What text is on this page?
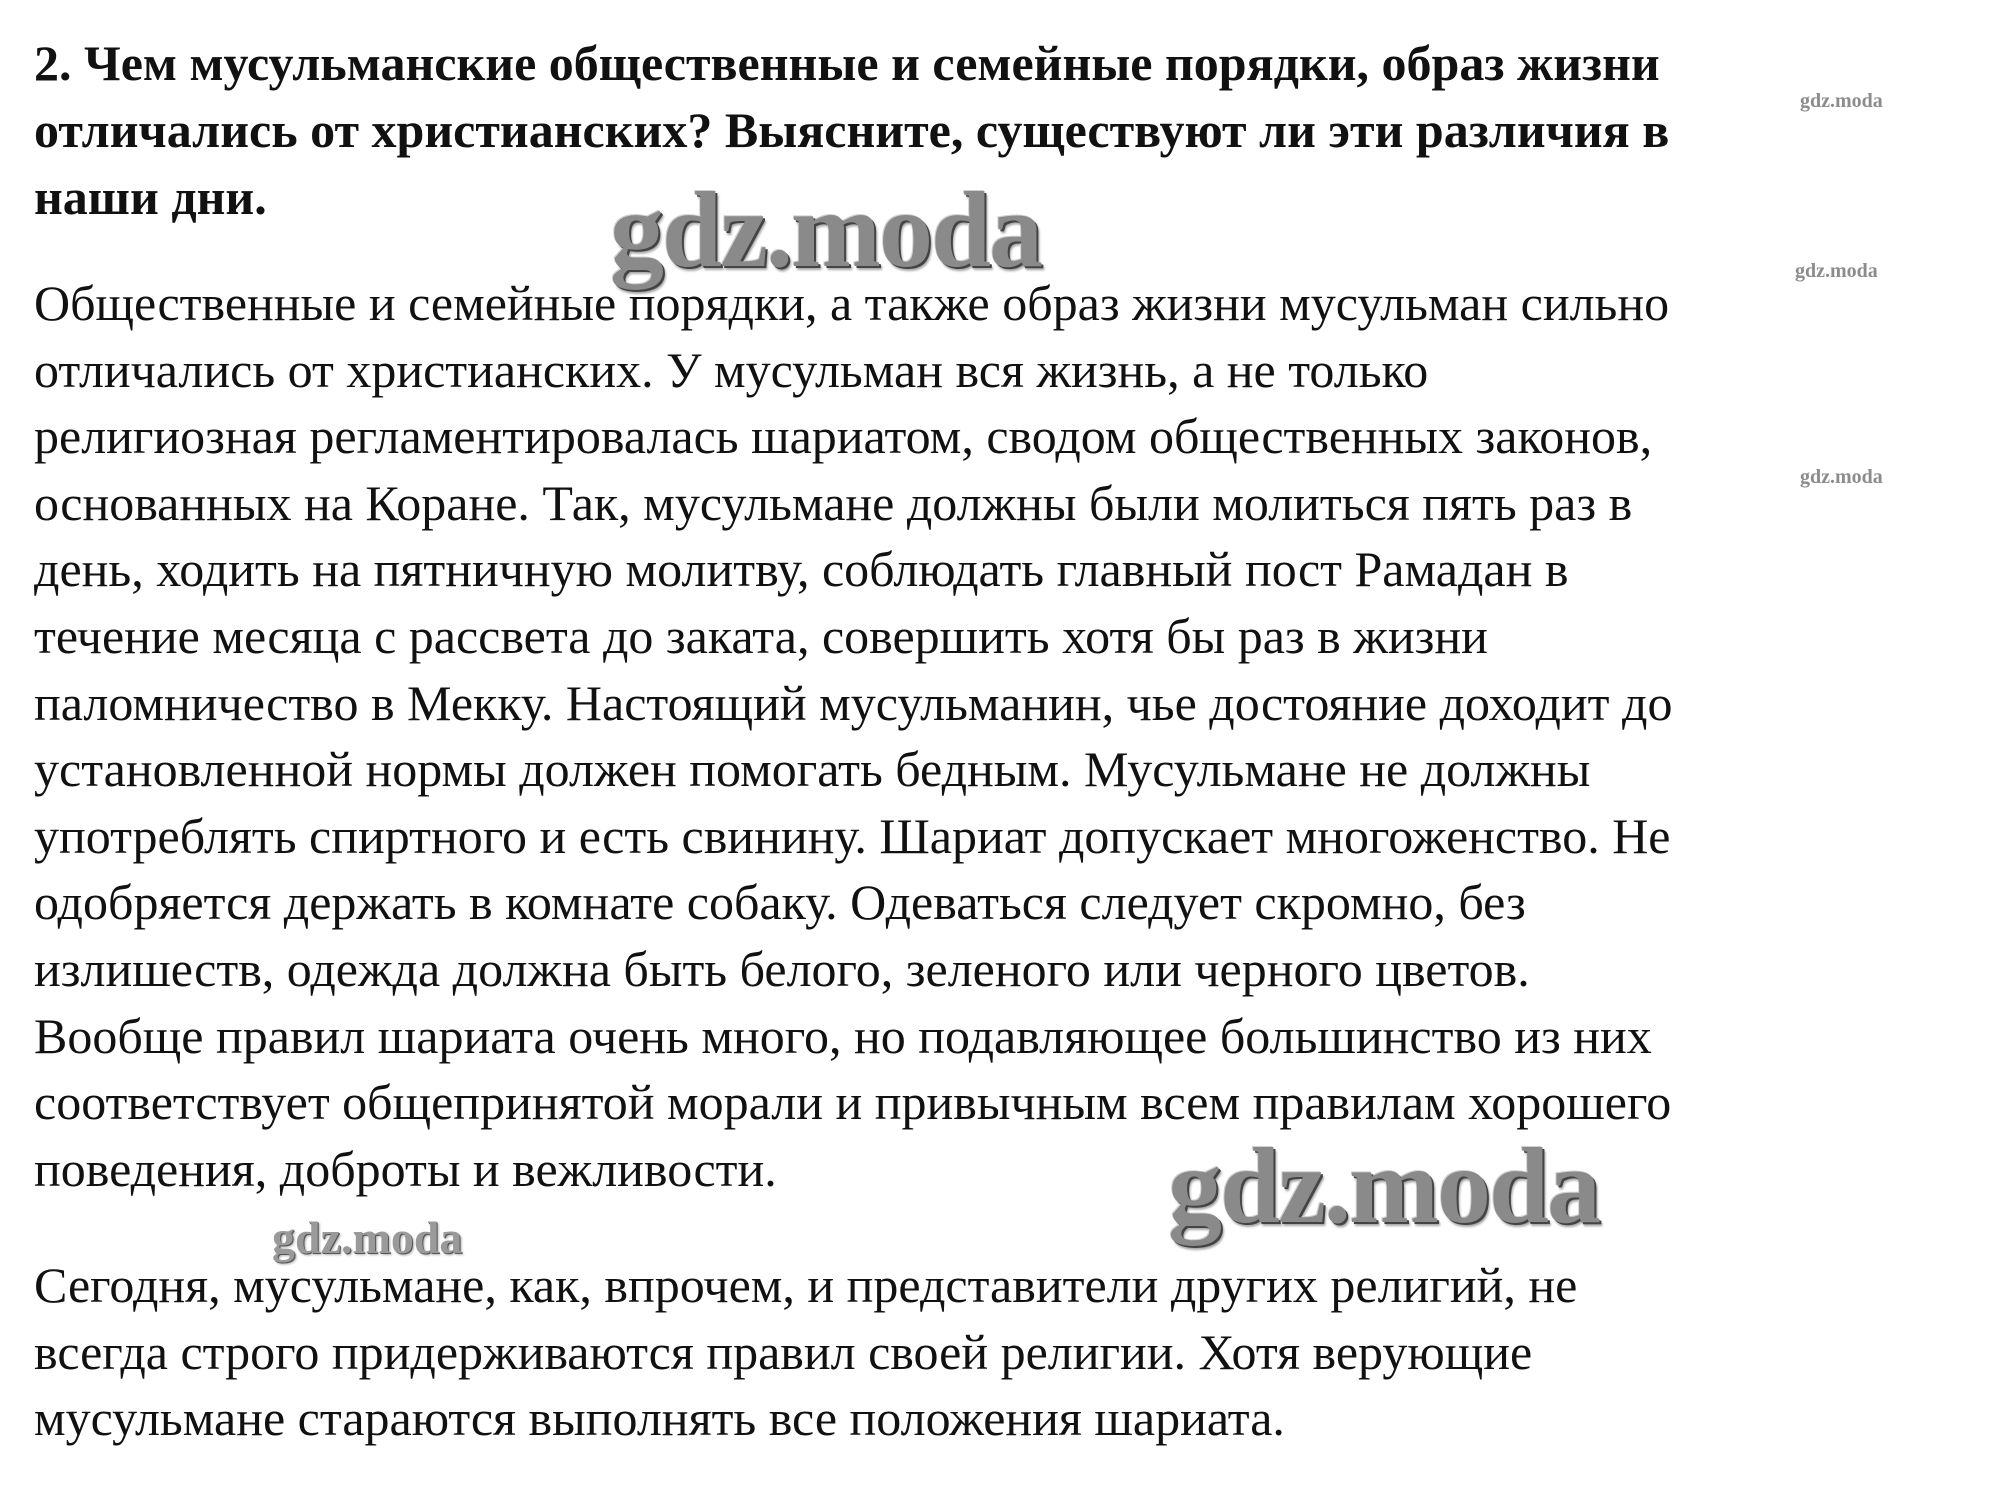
2. Чем мусульманские общественные и семейные порядки, образ жизни
отличались от христианских? Выясните, существуют ли эти различия в
наши дни.
Общественные и семейные порядки, а также образ жизни мусульман сильно
отличались от христианских. У мусульман вся жизнь, а не только
религиозная регламентировалась шариатом, сводом общественных законов,
основанных на Коране. Так, мусульмане должны были молиться пять раз в
день, ходить на пятничную молитву, соблюдать главный пост Рамадан в
течение месяца с рассвета до заката, совершить хотя бы раз в жизни
паломничество в Мекку. Настоящий мусульманин, чье достояние доходит до
установленной нормы должен помогать бедным. Мусульмане не должны
употреблять спиртного и есть свинину. Шариат допускает многоженство. Не
одобряется держать в комнате собаку. Одеваться следует скромно, без
излишеств, одежда должна быть белого, зеленого или черного цветов.
Вообще правил шариата очень много, но подавляющее большинство из них
соответствует общепринятой морали и привычным всем правилам хорошего
поведения, доброты и вежливости.
Сегодня, мусульмане, как, впрочем, и представители других религий, не
всегда строго придерживаются правил своей религии. Хотя верующие
мусульмане стараются выполнять все положения шариата.
gdz.moda
gdz.moda
gdz.moda
gdz.moda
gdz.moda
gdz.moda
